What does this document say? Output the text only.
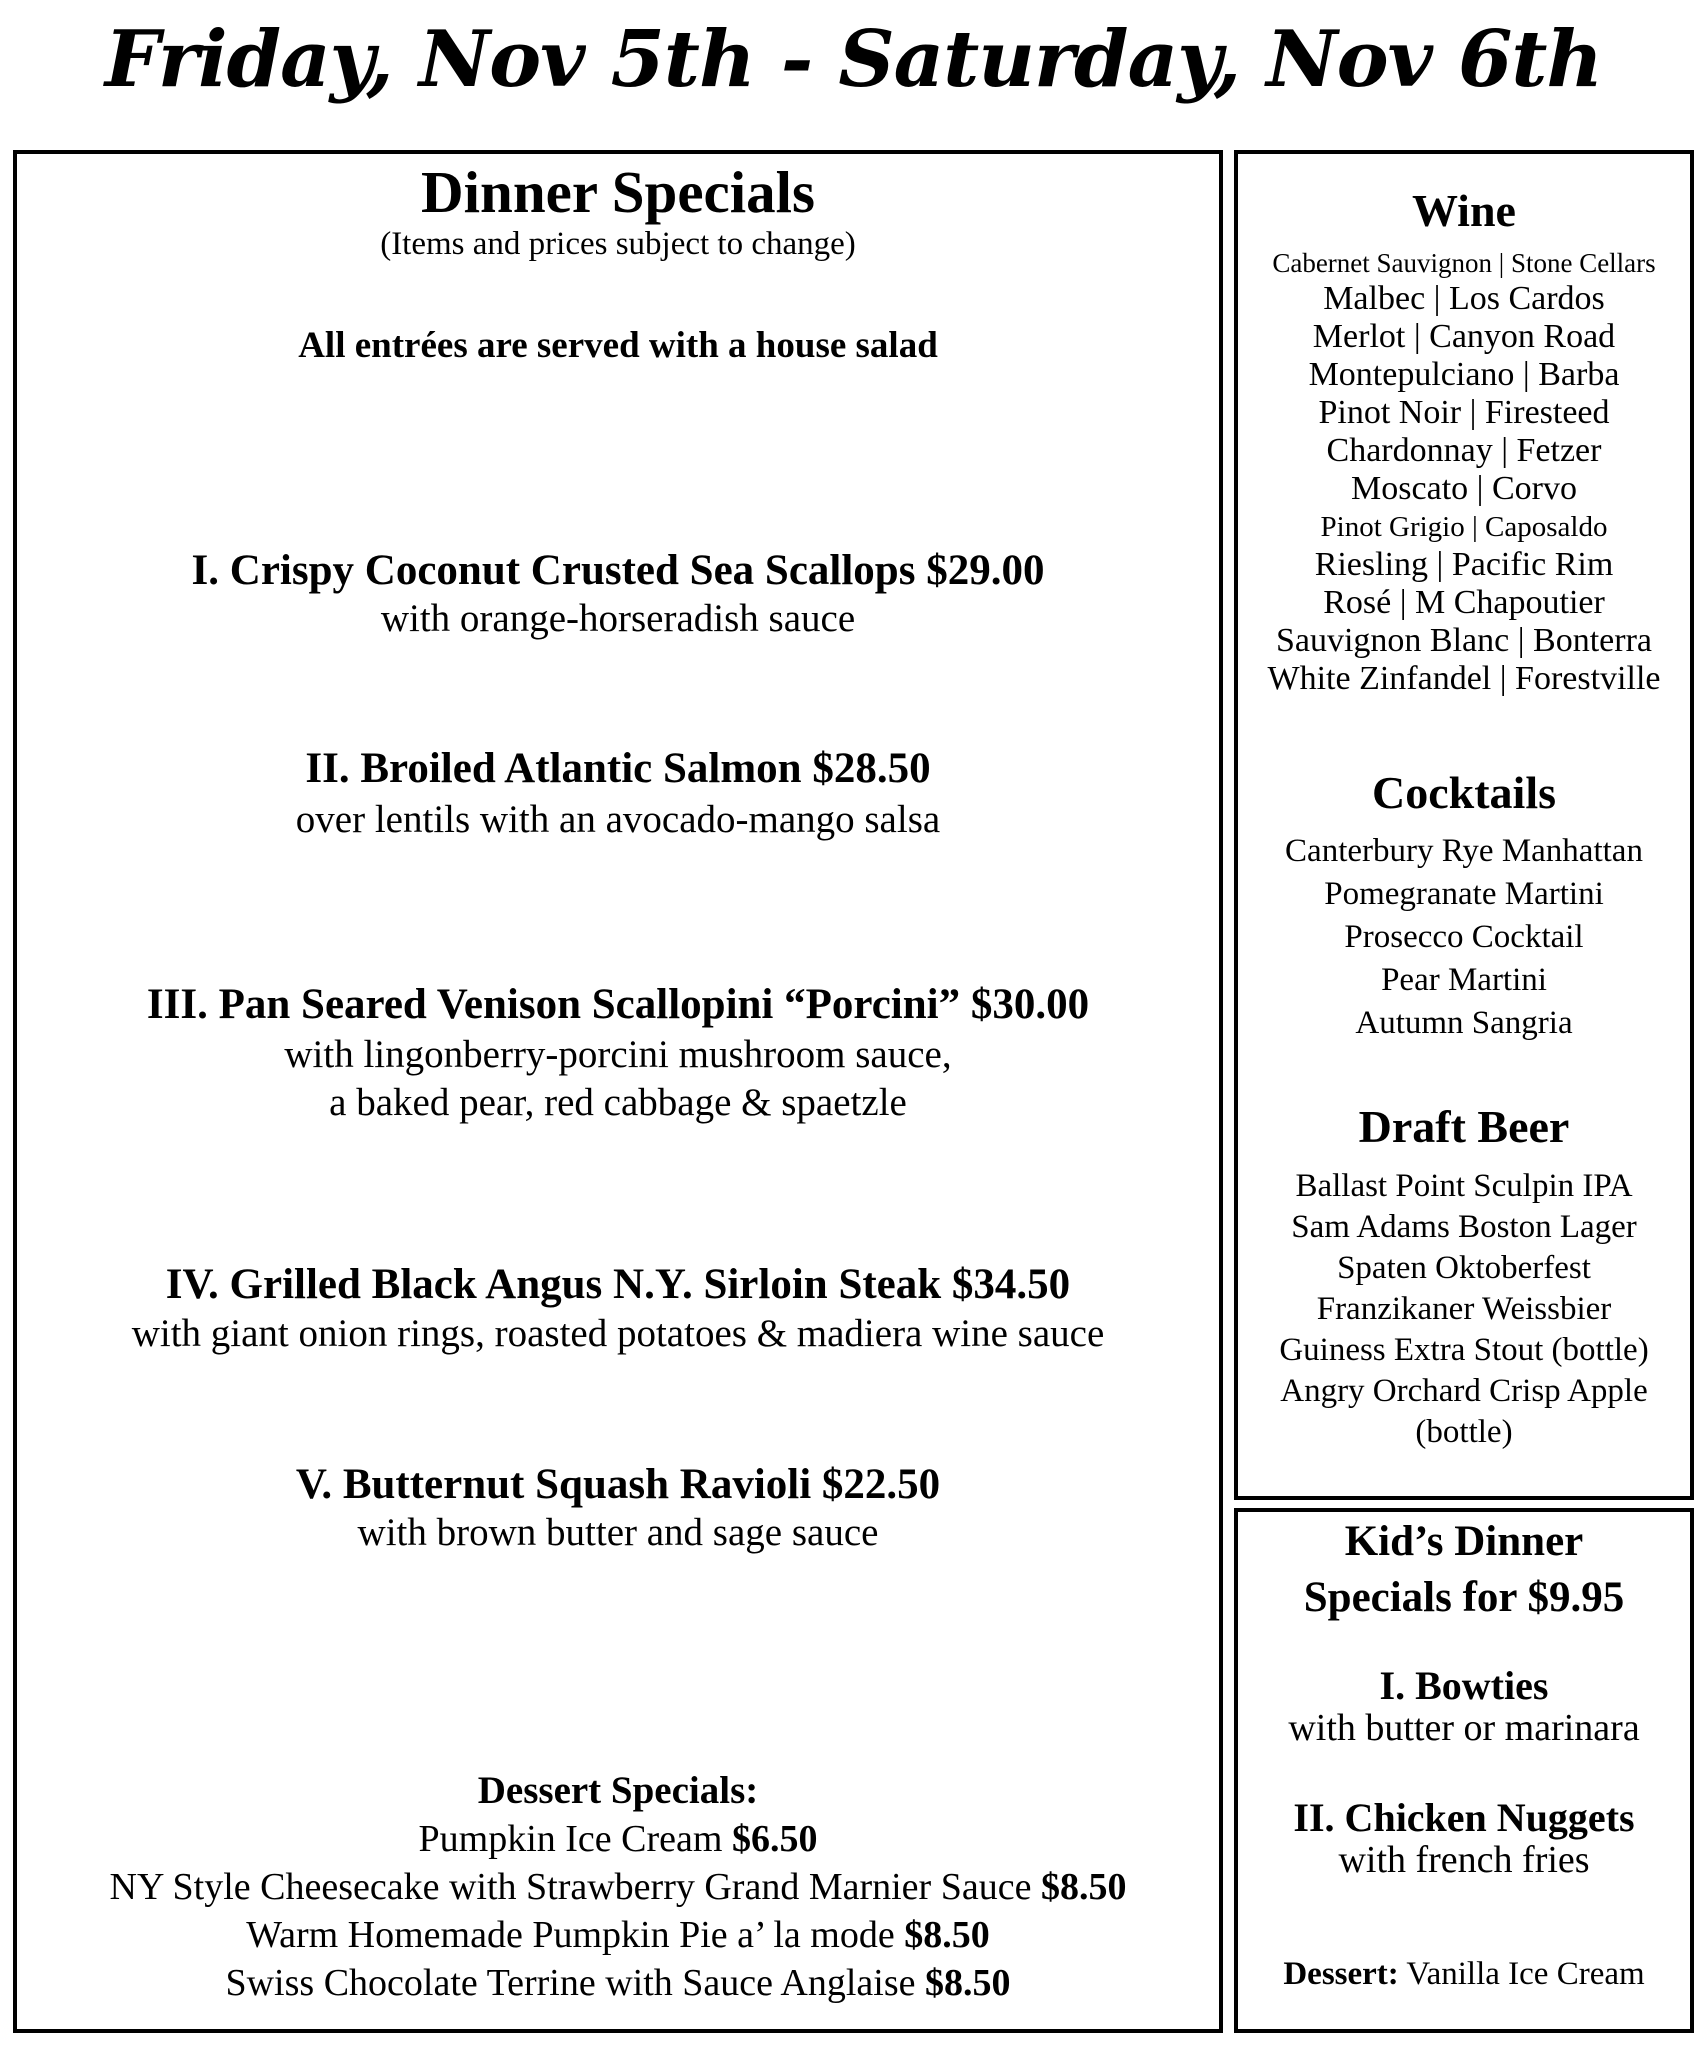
Friday, Nov 5th - Saturday, Nov 6th
Dinner Specials
(Items and prices subject to change)
All entrées are served with a house salad
I. Crispy Coconut Crusted Sea Scallops $29.00
with orange-horseradish sauce
II. Broiled Atlantic Salmon $28.50
over lentils with an avocado-mango salsa
III. Pan Seared Venison Scallopini “Porcini” $30.00
with lingonberry-porcini mushroom sauce,
a baked pear, red cabbage & spaetzle
IV. Grilled Black Angus N.Y. Sirloin Steak $34.50
with giant onion rings, roasted potatoes & madiera wine sauce
V. Butternut Squash Ravioli $22.50
with brown butter and sage sauce
Dessert Specials:
Pumpkin Ice Cream $6.50
NY Style Cheesecake with Strawberry Grand Marnier Sauce $8.50
Warm Homemade Pumpkin Pie a’ la mode $8.50
Swiss Chocolate Terrine with Sauce Anglaise $8.50
Wine
Cabernet Sauvignon | Stone Cellars
Malbec | Los Cardos
Merlot | Canyon Road
Montepulciano | Barba
Pinot Noir | Firesteed
Chardonnay | Fetzer
Moscato | Corvo
Pinot Grigio | Caposaldo
Riesling | Pacific Rim
Rosé | M Chapoutier
Sauvignon Blanc | Bonterra
White Zinfandel | Forestville
Cocktails
Canterbury Rye Manhattan
Pomegranate Martini
Prosecco Cocktail
Pear Martini
Autumn Sangria
Draft Beer
Ballast Point Sculpin IPA
Sam Adams Boston Lager
Spaten Oktoberfest
Franzikaner Weissbier
Guiness Extra Stout (bottle)
Angry Orchard Crisp Apple
(bottle)
Kid’s Dinner
Specials for $9.95
I. Bowties
with butter or marinara
II. Chicken Nuggets
with french fries
Dessert: Vanilla Ice Cream
